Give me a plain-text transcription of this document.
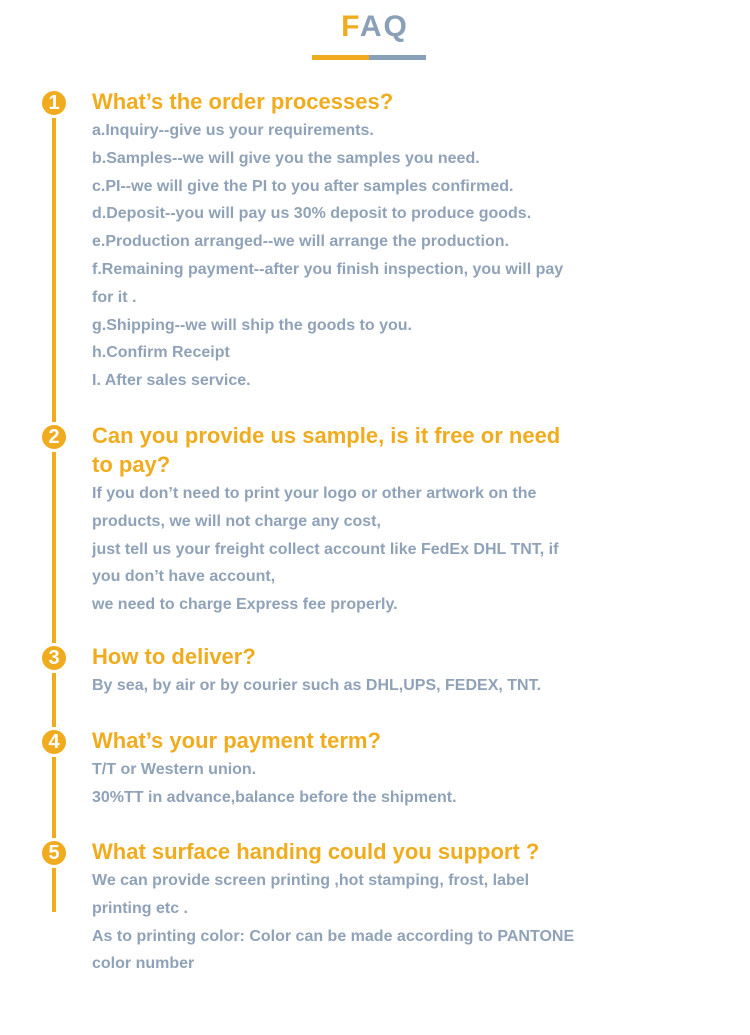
FAQ
1	What’s the order processes?
a.Inquiry--give us your requirements.
b.Samples--we will give you the samples you need.
c.PI--we will give the PI to you after samples confirmed.
d.Deposit--you will pay us 30% deposit to produce goods.
e.Production arranged--we will arrange the production.
f.Remaining payment--after you finish inspection, you will pay
for it .
g.Shipping--we will ship the goods to you.
h.Confirm Receipt
I. After sales service.
2	Can you provide us sample, is it free or need
to pay?
If you don’t need to print your logo or other artwork on the
products, we will not charge any cost,
just tell us your freight collect account like FedEx DHL TNT, if
you don’t have account,
we need to charge Express fee properly.
3	How to deliver?
By sea, by air or by courier such as DHL,UPS, FEDEX, TNT.
4	What’s your payment term?
T/T or Western union.
30%TT in advance,balance before the shipment.
5	What surface handing could you support ?
We can provide screen printing ,hot stamping, frost, label
printing etc .
As to printing color: Color can be made according to PANTONE
color number
